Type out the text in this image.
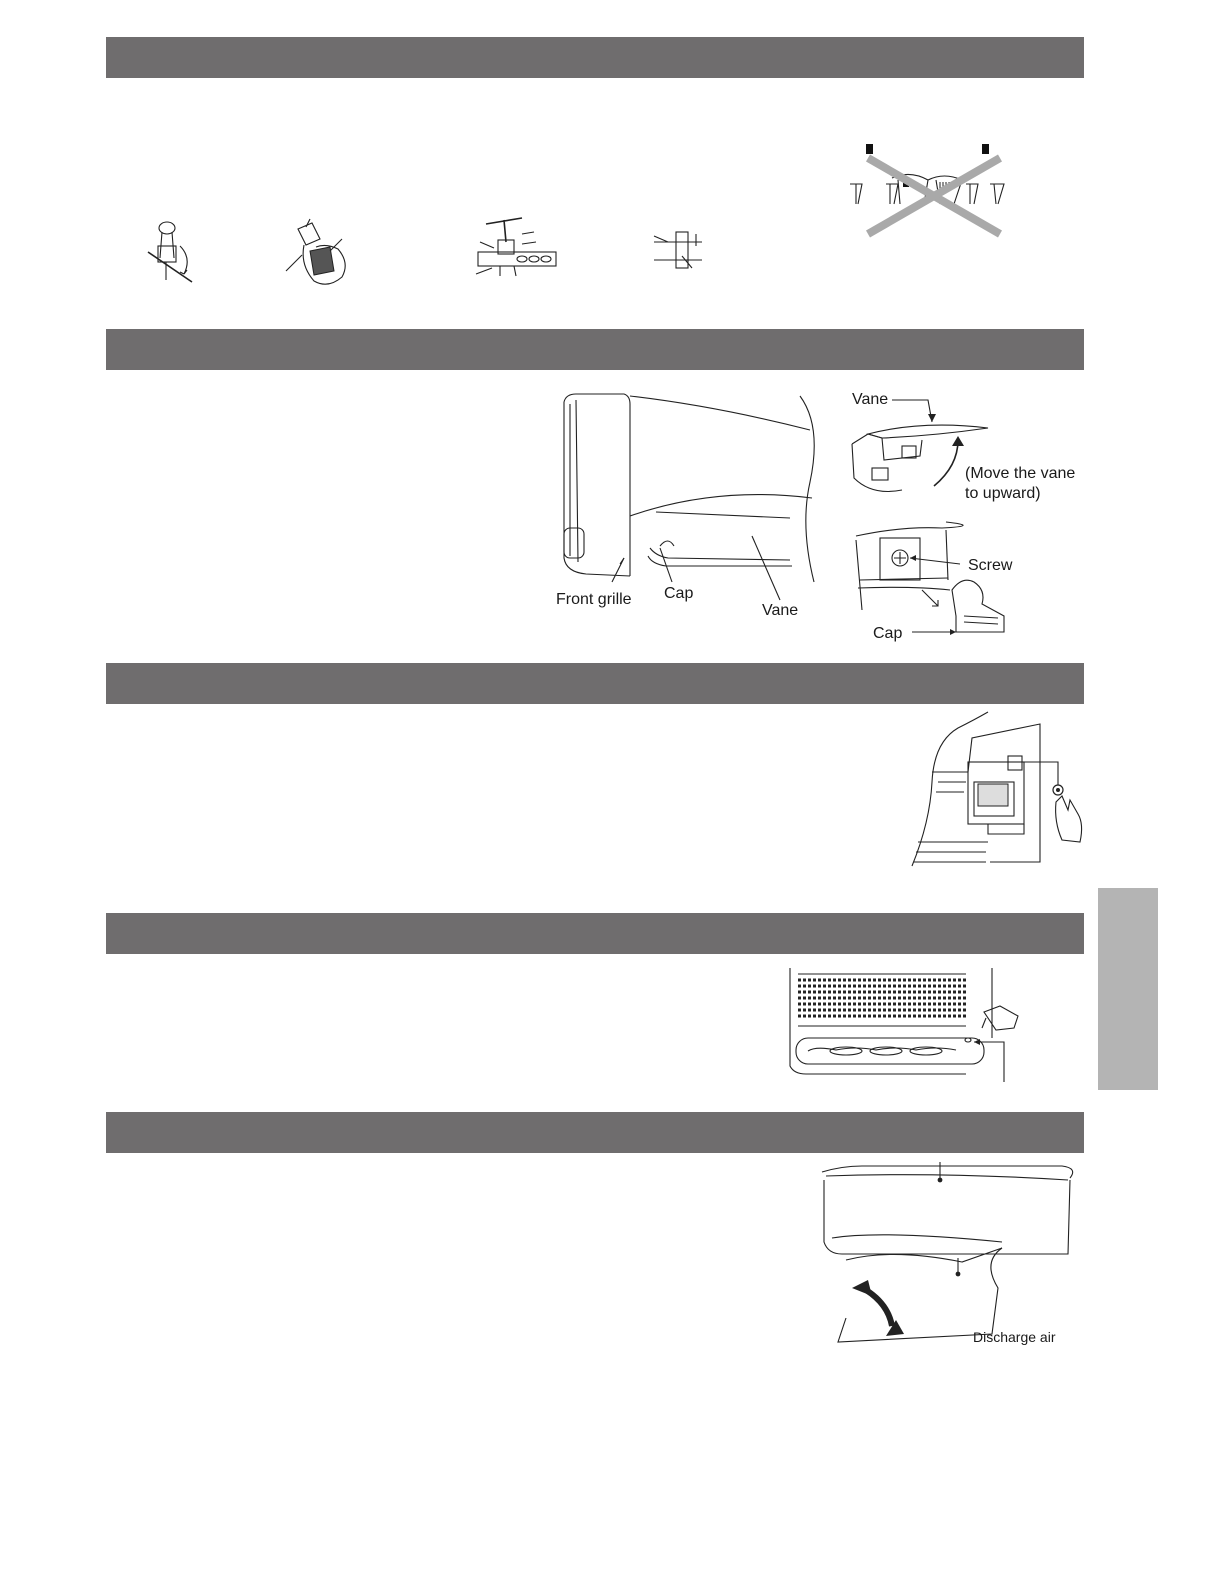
Front grille Cap
Vane
Vane
(Move the vane
to upward)
Screw
Cap
Discharge air
